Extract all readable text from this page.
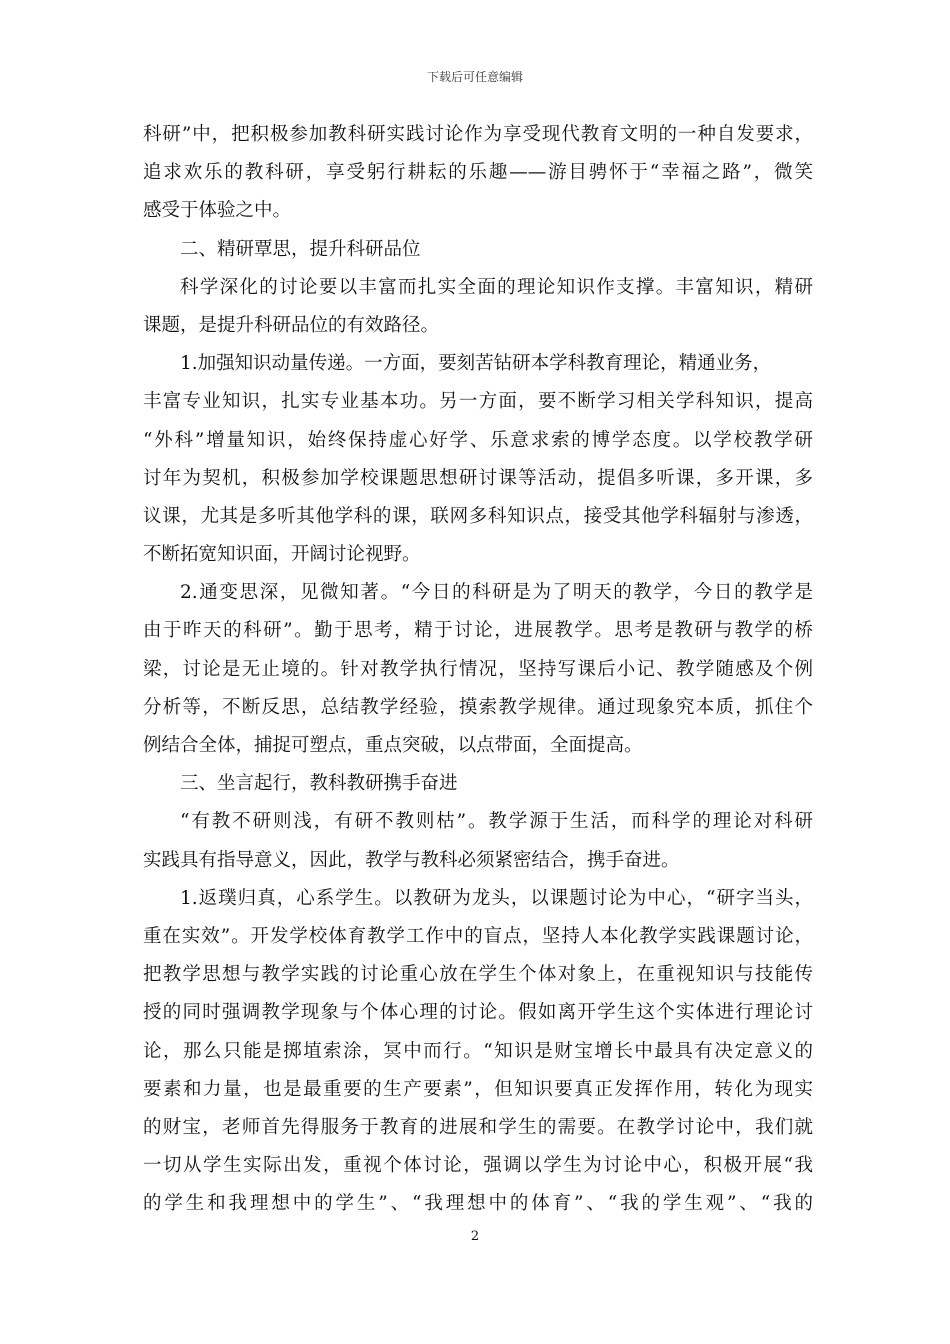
下载后可任意编辑
科研”中，把积极参加教科研实践讨论作为享受现代教育文明的一种自发要求，
追求欢乐的教科研，享受躬行耕耘的乐趣——游目骋怀于“幸福之路”，微笑
感受于体验之中。
二、精研覃思，提升科研品位
科学深化的讨论要以丰富而扎实全面的理论知识作支撑。丰富知识，精研
课题，是提升科研品位的有效路径。
1.加强知识动量传递。一方面，要刻苦钻研本学科教育理论，精通业务，
丰富专业知识，扎实专业基本功。另一方面，要不断学习相关学科知识，提高
“外科”增量知识，始终保持虚心好学、乐意求索的博学态度。以学校教学研
讨年为契机，积极参加学校课题思想研讨课等活动，提倡多听课，多开课，多
议课，尤其是多听其他学科的课，联网多科知识点，接受其他学科辐射与渗透，
不断拓宽知识面，开阔讨论视野。
2.通变思深，见微知著。“今日的科研是为了明天的教学，今日的教学是
由于昨天的科研”。勤于思考，精于讨论，进展教学。思考是教研与教学的桥
梁，讨论是无止境的。针对教学执行情况，坚持写课后小记、教学随感及个例
分析等，不断反思，总结教学经验，摸索教学规律。通过现象究本质，抓住个
例结合全体，捕捉可塑点，重点突破，以点带面，全面提高。
三、坐言起行，教科教研携手奋进
“有教不研则浅，有研不教则枯”。教学源于生活，而科学的理论对科研
实践具有指导意义，因此，教学与教科必须紧密结合，携手奋进。
1.返璞归真，心系学生。以教研为龙头，以课题讨论为中心，“研字当头，
重在实效”。开发学校体育教学工作中的盲点，坚持人本化教学实践课题讨论，
把教学思想与教学实践的讨论重心放在学生个体对象上，在重视知识与技能传
授的同时强调教学现象与个体心理的讨论。假如离开学生这个实体进行理论讨
论，那么只能是掷埴索涂，冥中而行。“知识是财宝增长中最具有决定意义的
要素和力量，也是最重要的生产要素”，但知识要真正发挥作用，转化为现实
的财宝，老师首先得服务于教育的进展和学生的需要。在教学讨论中，我们就
一切从学生实际出发，重视个体讨论，强调以学生为讨论中心，积极开展“我
的学生和我理想中的学生”、“我理想中的体育”、“我的学生观”、“我的
2
